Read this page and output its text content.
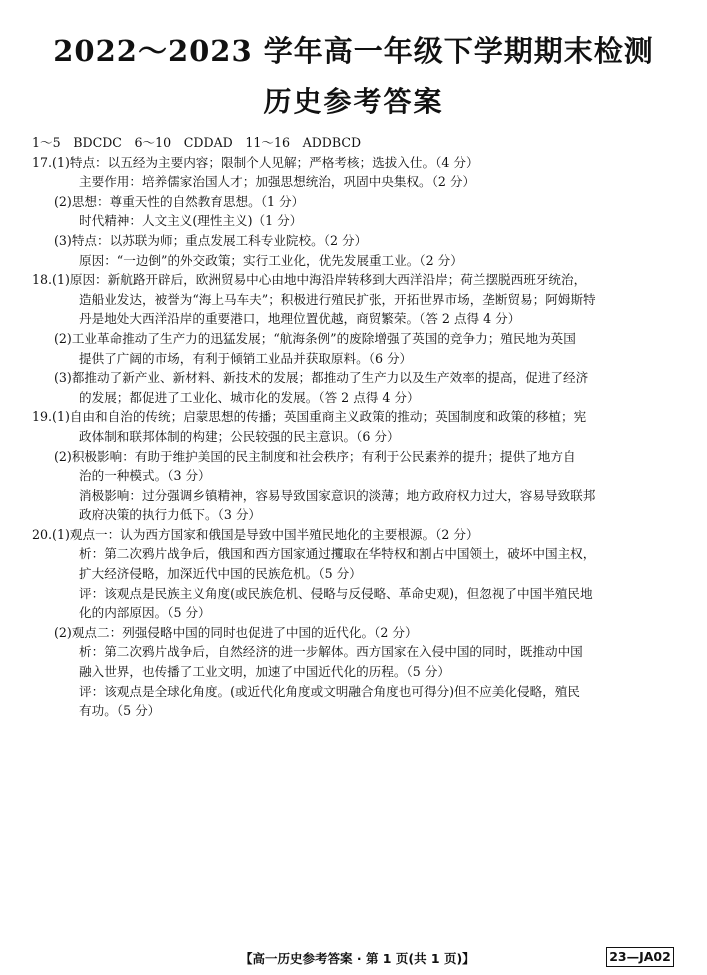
2022～2023 学年高一年级下学期期末检测
历史参考答案
1～5　BDCDC　6～10　CDDAD　11～16　ADDBCD
17.(1)特点：以五经为主要内容；限制个人见解；严格考核；选拔入仕。（4 分）
主要作用：培养儒家治国人才；加强思想统治，巩固中央集权。（2 分）
(2)思想：尊重天性的自然教育思想。（1 分）
时代精神：人文主义(理性主义)（1 分）
(3)特点：以苏联为师；重点发展工科专业院校。（2 分）
原因：“一边倒”的外交政策；实行工业化，优先发展重工业。（2 分）
18.(1)原因：新航路开辟后，欧洲贸易中心由地中海沿岸转移到大西洋沿岸；荷兰摆脱西班牙统治，
造船业发达，被誉为“海上马车夫”；积极进行殖民扩张，开拓世界市场，垄断贸易；阿姆斯特
丹是地处大西洋沿岸的重要港口，地理位置优越，商贸繁荣。（答 2 点得 4 分）
(2)工业革命推动了生产力的迅猛发展；“航海条例”的废除增强了英国的竞争力；殖民地为英国
提供了广阔的市场，有利于倾销工业品并获取原料。（6 分）
(3)都推动了新产业、新材料、新技术的发展；都推动了生产力以及生产效率的提高，促进了经济
的发展；都促进了工业化、城市化的发展。（答 2 点得 4 分）
19.(1)自由和自治的传统；启蒙思想的传播；英国重商主义政策的推动；英国制度和政策的移植；宪
政体制和联邦体制的构建；公民较强的民主意识。（6 分）
(2)积极影响：有助于维护美国的民主制度和社会秩序；有利于公民素养的提升；提供了地方自
治的一种模式。（3 分）
消极影响：过分强调乡镇精神，容易导致国家意识的淡薄；地方政府权力过大，容易导致联邦
政府决策的执行力低下。（3 分）
20.(1)观点一：认为西方国家和俄国是导致中国半殖民地化的主要根源。（2 分）
析：第二次鸦片战争后，俄国和西方国家通过攫取在华特权和割占中国领土，破坏中国主权，
扩大经济侵略，加深近代中国的民族危机。（5 分）
评：该观点是民族主义角度(或民族危机、侵略与反侵略、革命史观)，但忽视了中国半殖民地
化的内部原因。（5 分）
(2)观点二：列强侵略中国的同时也促进了中国的近代化。（2 分）
析：第二次鸦片战争后，自然经济的进一步解体。西方国家在入侵中国的同时，既推动中国
融入世界，也传播了工业文明，加速了中国近代化的历程。（5 分）
评：该观点是全球化角度。(或近代化角度或文明融合角度也可得分)但不应美化侵略，殖民
有功。（5 分）
【高一历史参考答案 · 第 1 页(共 1 页)】	23—JA02
